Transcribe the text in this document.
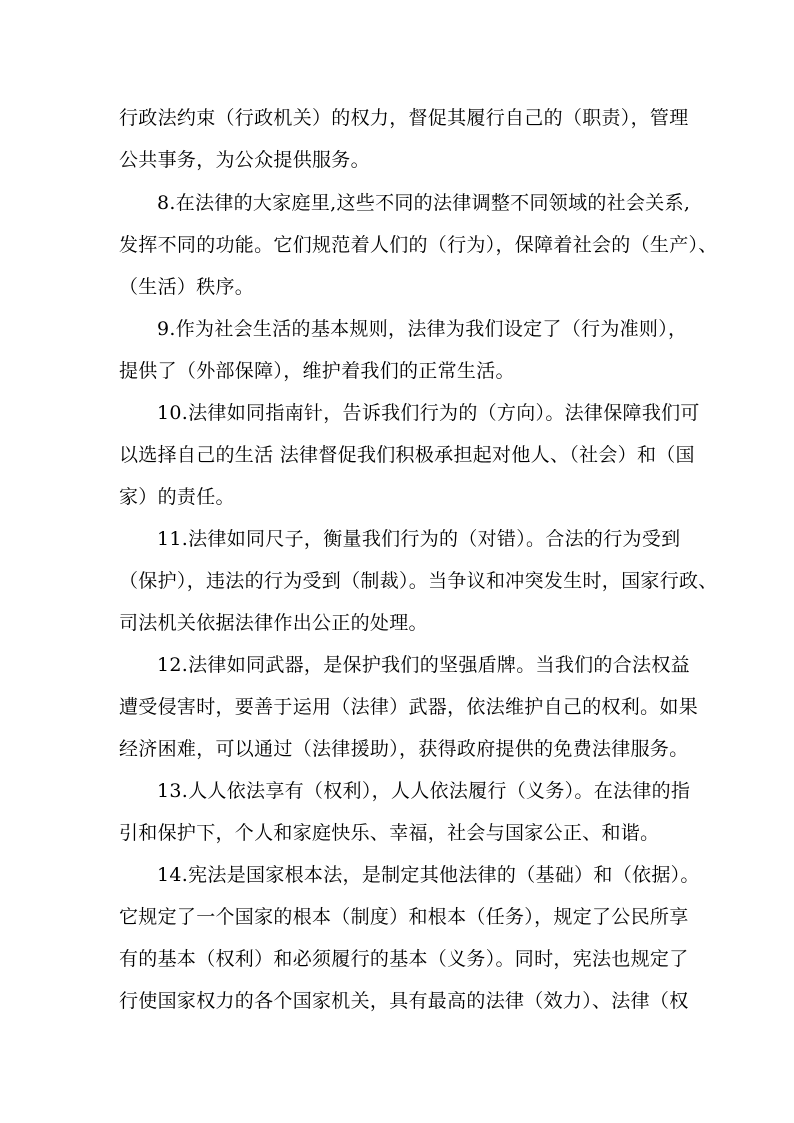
行政法约束（行政机关）的权力，督促其履行自己的（职责），管理
公共事务，为公众提供服务。
8.在法律的大家庭里,这些不同的法律调整不同领域的社会关系,
发挥不同的功能。它们规范着人们的（行为），保障着社会的（生产）、
（生活）秩序。
9.作为社会生活的基本规则，法律为我们设定了（行为准则），
提供了（外部保障），维护着我们的正常生活。
10.法律如同指南针，告诉我们行为的（方向）。法律保障我们可
以选择自己的生活 法律督促我们积极承担起对他人、（社会）和（国
家）的责任。
11.法律如同尺子，衡量我们行为的（对错）。合法的行为受到
（保护），违法的行为受到（制裁）。当争议和冲突发生时，国家行政、
司法机关依据法律作出公正的处理。
12.法律如同武器，是保护我们的坚强盾牌。当我们的合法权益
遭受侵害时，要善于运用（法律）武器，依法维护自己的权利。如果
经济困难，可以通过（法律援助），获得政府提供的免费法律服务。
13.人人依法享有（权利），人人依法履行（义务）。在法律的指
引和保护下，个人和家庭快乐、幸福，社会与国家公正、和谐。
14.宪法是国家根本法，是制定其他法律的（基础）和（依据）。
它规定了一个国家的根本（制度）和根本（任务），规定了公民所享
有的基本（权利）和必须履行的基本（义务）。同时，宪法也规定了
行使国家权力的各个国家机关，具有最高的法律（效力）、法律（权
